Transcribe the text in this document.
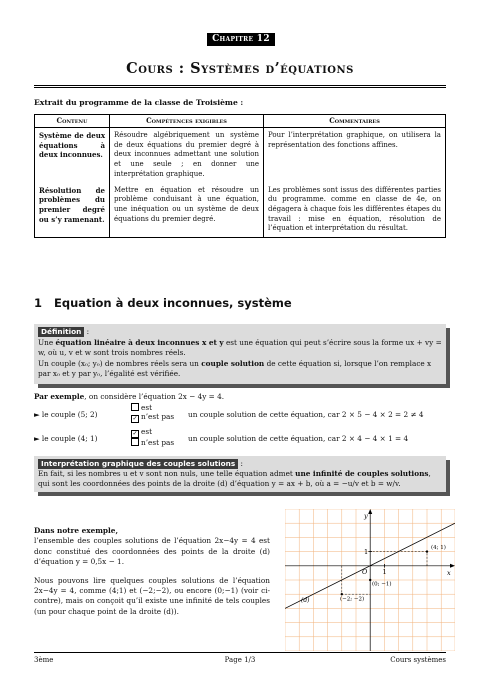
Chapitre 12
Cours : Systèmes d’équations
Extrait du programme de la classe de Troisième :
Contenu	Compétences exigibles	Commentaires
Système de deux équations à deux inconnues.	Résoudre algébriquement un système de deux équations du premier degré à deux inconnues admettant une solution et une seule ; en donner une interprétation graphique.	Pour l’interprétation graphique, on utilisera la représentation des fonctions affines.
Résolution de problèmes du premier degré ou s’y ramenant.	Mettre en équation et résoudre un problème conduisant à une équation, une inéquation ou un système de deux équations du premier degré.	Les problèmes sont issus des différentes parties du programme. comme en classe de 4e, on dégagera à chaque fois les différentes étapes du travail : mise en équation, résolution de l’équation et interprétation du résultat.
1 Equation à deux inconnues, système
Définition :
Une équation linéaire à deux inconnues x et y est une équation qui peut s’écrire sous la forme ux + vy = w, où u, v et w sont trois nombres réels.
Un couple (x₀; y₀) de nombres réels sera un couple solution de cette équation si, lorsque l’on remplace x par x₀ et y par y₀, l’égalité est vérifiée.
Par exemple, on considère l’équation 2x − 4y = 4.
► le couple (5; 2)
est
✓ n’est pas un couple solution de cette équation, car 2 × 5 − 4 × 2 = 2 ≠ 4
► le couple (4; 1)
✓ est
n’est pas un couple solution de cette équation, car 2 × 4 − 4 × 1 = 4
Interprétation graphique des couples solutions :
En fait, si les nombres u et v sont non nuls, une telle équation admet une infinité de couples solutions, qui sont les coordonnées des points de la droite (d) d’équation y = ax + b, où a = −u/v et b = w/v.
Dans notre exemple,
l’ensemble des couples solutions de l’équation 2x−4y = 4 est donc constitué des coordonnées des points de la droite (d) d’équation y = 0,5x − 1.
Nous pouvons lire quelques couples solutions de l’équation 2x−4y = 4, comme (4;1) et (−2;−2), ou encore (0;−1) (voir ci-contre), mais on conçoit qu’il existe une infinité de tels couples (un pour chaque point de la droite (d)).
y
x
O 1
1	(4; 1)
(−2; −2)
(0; −1)
(d)
3ème	Page 1/3	Cours systèmes
